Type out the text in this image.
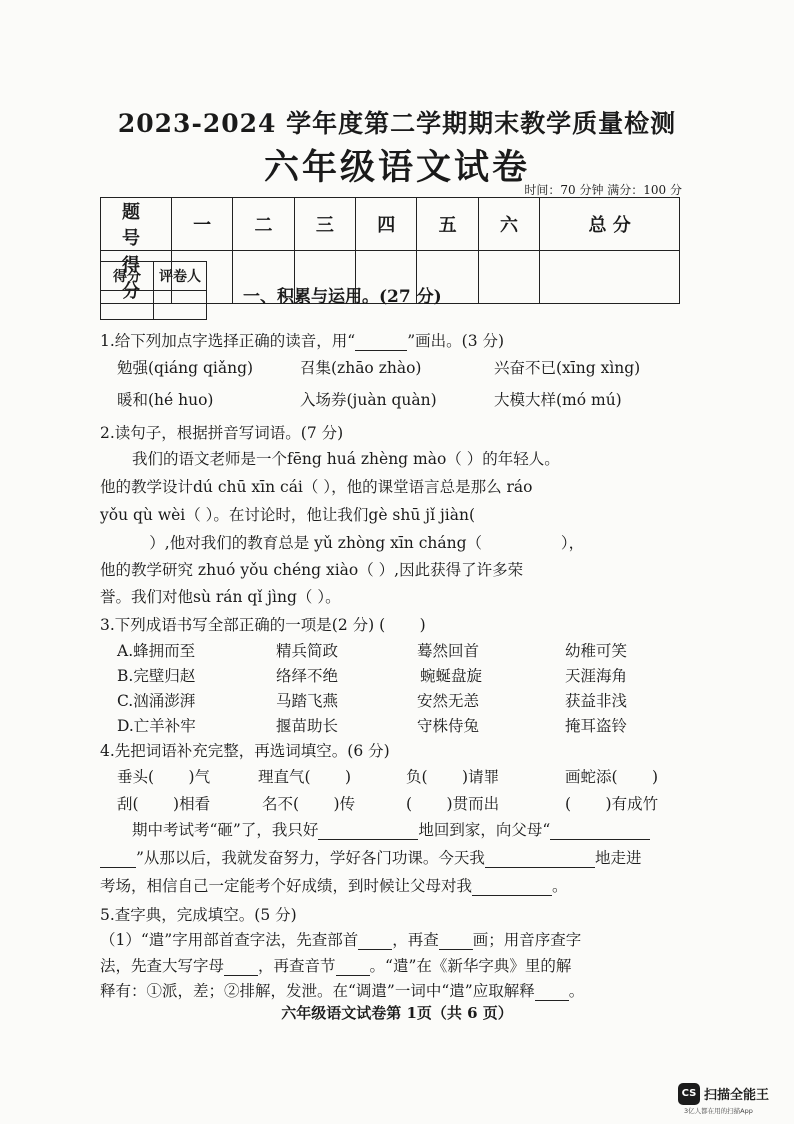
2023-2024 学年度第二学期期末教学质量检测
六年级语文试卷
时间：70 分钟 满分：100 分
题 号	一	二	三	四	五	六	总 分
得 分							
得分	评卷人

一、积累与运用。(27 分)
1.给下列加点字选择正确的读音，用“	”画出。(3 分)
勉强(qiáng qiǎng)	召集(zhāo zhào)	兴奋不已(xīng xìng)
暖和(hé huo)	入场券(juàn quàn)	大模大样(mó mú)
2.读句子，根据拼音写词语。(7 分)
我们的语文老师是一个fēng huá zhèng mào（ ）的年轻人。
他的教学设计dú chū xīn cái（ ），他的课堂语言总是那么 ráo
yǒu qù wèi（ ）。在讨论时，他让我们gè shū jǐ jiàn(
）,他对我们的教育总是 yǔ zhòng xīn cháng（                ），
他的教学研究 zhuó yǒu chéng xiào（ ）,因此获得了许多荣
誉。我们对他sù rán qǐ jìng（ ）。
3.下列成语书写全部正确的一项是(2 分) (       )
A.蜂拥而至	精兵简政	蓦然回首	幼稚可笑
B.完壁归赵	络绎不绝	蜿蜒盘旋	天涯海角
C.汹涌澎湃	马踏飞燕	安然无恙	获益非浅
D.亡羊补牢	揠苗助长	守株侍兔	掩耳盗铃
4.先把词语补充完整，再选词填空。(6 分)
垂头(       )气	理直气(       )	负(       )请罪	画蛇添(       )
刮(       )相看	名不(       )传	(       )贯而出	(       )有成竹
期中考试考“砸”了，我只好	地回到家，向父母“
”从那以后，我就发奋努力，学好各门功课。今天我	地走进
考场，相信自己一定能考个好成绩，到时候让父母对我	。
5.查字典，完成填空。(5 分)
（1）“遣”字用部首查字法，先查部首 ，再查 画；用音序查字
法，先查大写字母 ，再查音节 。“遣”在《新华字典》里的解
释有：①派，差；②排解，发泄。在“调遣”一词中“遣”应取解释 。
六年级语文试卷第 1页（共 6 页）
CS 扫描全能王
3亿人都在用的扫描App
